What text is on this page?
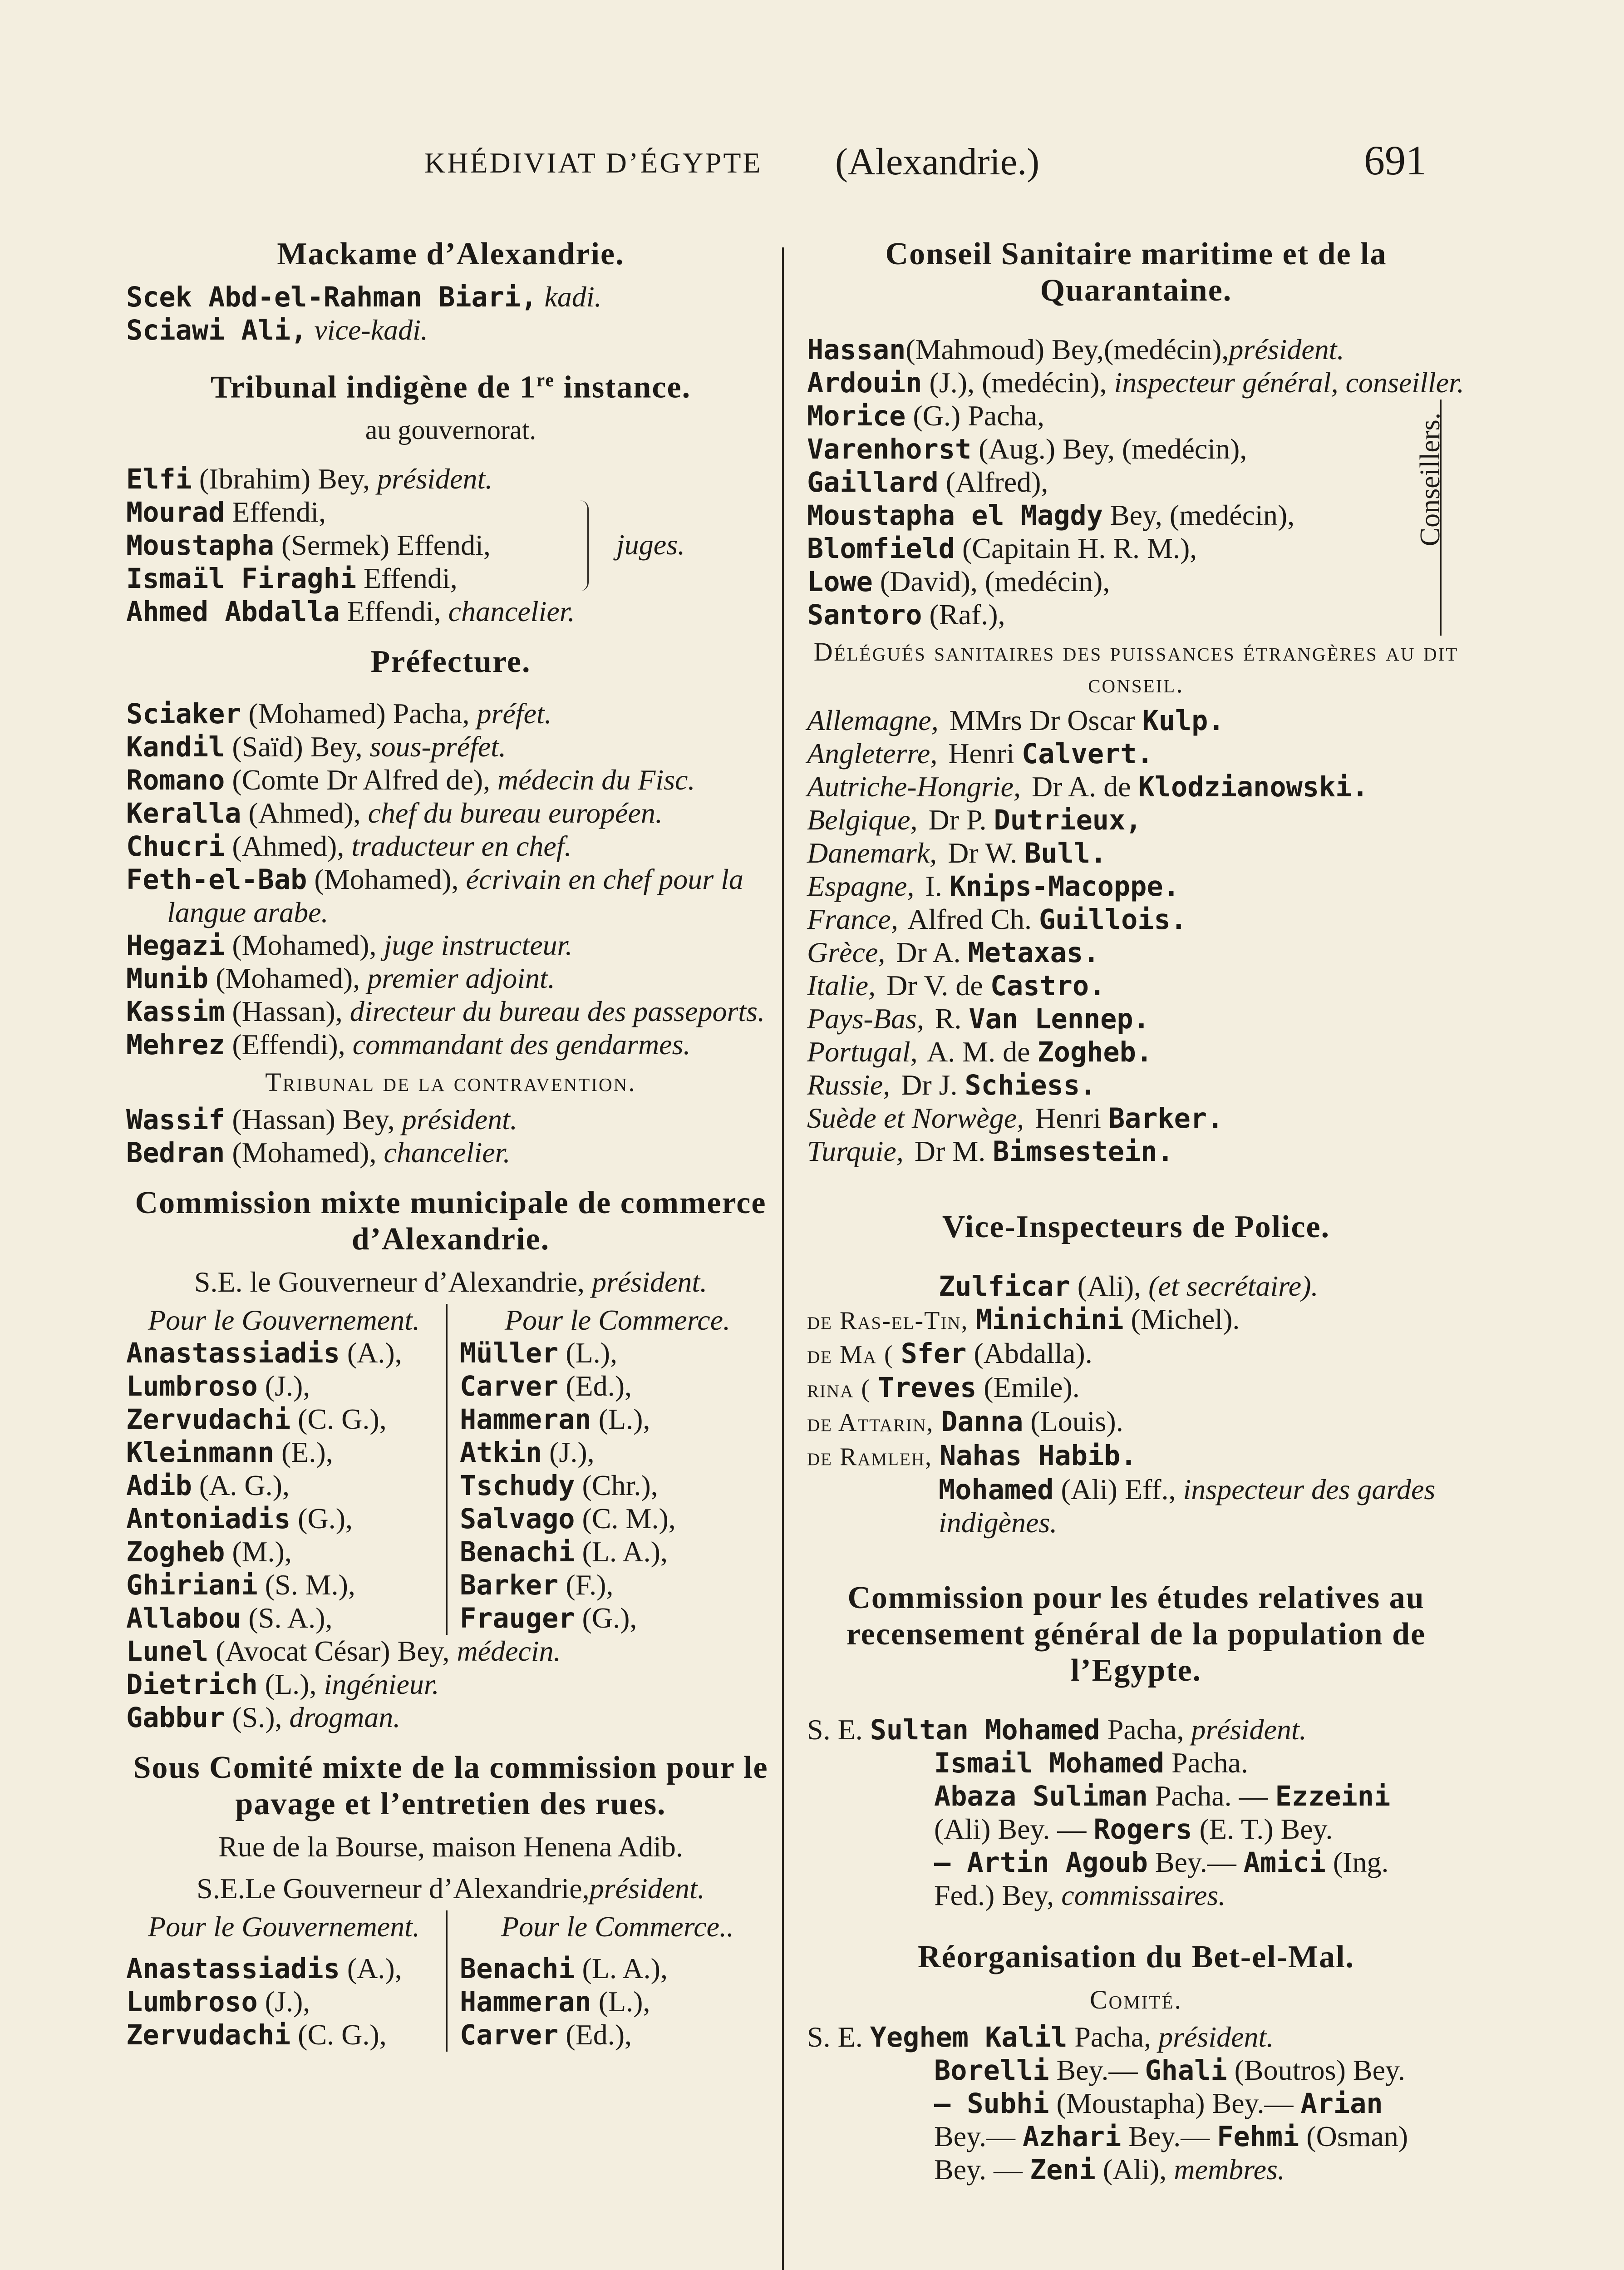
KHÉDIVIAT D’ÉGYPTE (Alexandrie.)	691
Mackame d’Alexandrie.
Scek Abd-el-Rahman Biari, kadi.
Sciawi Ali, vice-kadi.
Tribunal indigène de 1re instance.
au gouvernorat.
Elfi (Ibrahim) Bey, président.
Mourad Effendi,
Moustapha (Sermek) Effendi,
Ismaïl Firaghi Effendi,
juges.
Ahmed Abdalla Effendi, chancelier.
Préfecture.
Sciaker (Mohamed) Pacha, préfet.
Kandil (Saïd) Bey, sous-préfet.
Romano (Comte Dr Alfred de), médecin du Fisc.
Keralla (Ahmed), chef du bureau européen.
Chucri (Ahmed), traducteur en chef.
Feth-el-Bab (Mohamed), écrivain en chef pour la langue arabe.
Hegazi (Mohamed), juge instructeur.
Munib (Mohamed), premier adjoint.
Kassim (Hassan), directeur du bureau des passeports.
Mehrez (Effendi), commandant des gendarmes.
Tribunal de la contravention.
Wassif (Hassan) Bey, président.
Bedran (Mohamed), chancelier.
Commission mixte municipale de commerce d’Alexandrie.
S.E. le Gouverneur d’Alexandrie, président.
Pour le Gouvernement.
Anastassiadis (A.),
Lumbroso (J.),
Zervudachi (C. G.),
Kleinmann (E.),
Adib (A. G.),
Antoniadis (G.),
Zogheb (M.),
Ghiriani (S. M.),
Allabou (S. A.),
Pour le Commerce.
Müller (L.),
Carver (Ed.),
Hammeran (L.),
Atkin (J.),
Tschudy (Chr.),
Salvago (C. M.),
Benachi (L. A.),
Barker (F.),
Frauger (G.),
Lunel (Avocat César) Bey, médecin.
Dietrich (L.), ingénieur.
Gabbur (S.), drogman.
Sous Comité mixte de la commission pour le pavage et l’entretien des rues.
Rue de la Bourse, maison Henena Adib.
S.E.Le Gouverneur d’Alexandrie,président.
Pour le Gouvernement.
Anastassiadis (A.),
Lumbroso (J.),
Zervudachi (C. G.),
Pour le Commerce..
Benachi (L. A.),
Hammeran (L.),
Carver (Ed.),
Conseil Sanitaire maritime et de la Quarantaine.
Hassan(Mahmoud) Bey,(medécin),président.
Ardouin (J.), (medécin), inspecteur général, conseiller.
Morice (G.) Pacha,
Varenhorst (Aug.) Bey, (medécin),
Gaillard (Alfred),
Moustapha el Magdy Bey, (medécin),
Blomfield (Capitain H. R. M.),
Lowe (David), (medécin),
Santoro (Raf.),
Conseillers.
Délégués sanitaires des puissances étrangères au dit conseil.
Allemagne, MMrs Dr Oscar Kulp.
Angleterre, Henri Calvert.
Autriche-Hongrie, Dr A. de Klodzianowski.
Belgique, Dr P. Dutrieux,
Danemark, Dr W. Bull.
Espagne, I. Knips-Macoppe.
France, Alfred Ch. Guillois.
Grèce, Dr A. Metaxas.
Italie, Dr V. de Castro.
Pays-Bas, R. Van Lennep.
Portugal, A. M. de Zogheb.
Russie, Dr J. Schiess.
Suède et Norwège, Henri Barker.
Turquie, Dr M. Bimsestein.
Vice-Inspecteurs de Police.
Zulficar (Ali), (et secrétaire).
de Ras-el-Tin, Minichini (Michel).
de Ma ( Sfer (Abdalla).
rina ( Treves (Emile).
de Attarin, Danna (Louis).
de Ramleh, Nahas Habib.
Mohamed (Ali) Eff., inspecteur des gardes indigènes.
Commission pour les études relatives au recensement général de la population de l’Egypte.
S. E. Sultan Mohamed Pacha, président.
Ismail Mohamed Pacha.
Abaza Suliman Pacha. — Ezzeini
(Ali) Bey. — Rogers (E. T.) Bey.
— Artin Agoub Bey.— Amici (Ing.
Fed.) Bey, commissaires.
Réorganisation du Bet-el-Mal.
Comité.
S. E. Yeghem Kalil Pacha, président.
Borelli Bey.— Ghali (Boutros) Bey.
— Subhi (Moustapha) Bey.— Arian
Bey.— Azhari Bey.— Fehmi (Osman)
Bey. — Zeni (Ali), membres.
